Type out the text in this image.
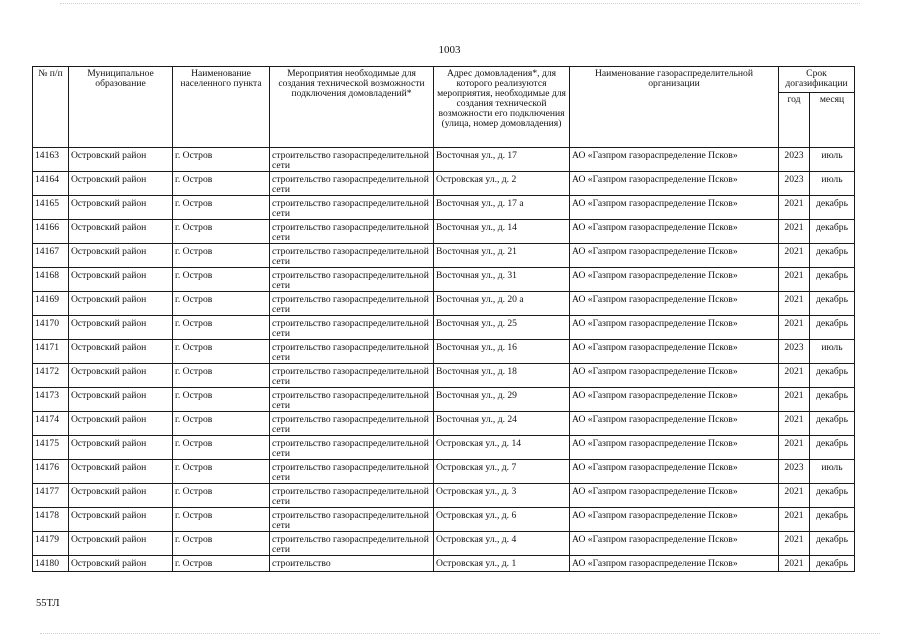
1003
№ п/п	Муниципальное образование	Наименование населенного пункта	Мероприятия необходимые для создания технической возможности подключения домовладений*	Адрес домовладения*, для которого реализуются мероприятия, необходимые для создания технической возможности его подключения (улица, номер домовладения)	Наименование газораспределительной организации	Срок догазификации	
						год	месяц
14163	Островский район	г. Остров	строительство газораспределительной сети	Восточная ул., д. 17	АО «Газпром газораспределение Псков»	2023	июль
14164	Островский район	г. Остров	строительство газораспределительной сети	Островская ул., д. 2	АО «Газпром газораспределение Псков»	2023	июль
14165	Островский район	г. Остров	строительство газораспределительной сети	Восточная ул., д. 17 а	АО «Газпром газораспределение Псков»	2021	декабрь
14166	Островский район	г. Остров	строительство газораспределительной сети	Восточная ул., д. 14	АО «Газпром газораспределение Псков»	2021	декабрь
14167	Островский район	г. Остров	строительство газораспределительной сети	Восточная ул., д. 21	АО «Газпром газораспределение Псков»	2021	декабрь
14168	Островский район	г. Остров	строительство газораспределительной сети	Восточная ул., д. 31	АО «Газпром газораспределение Псков»	2021	декабрь
14169	Островский район	г. Остров	строительство газораспределительной сети	Восточная ул., д. 20 а	АО «Газпром газораспределение Псков»	2021	декабрь
14170	Островский район	г. Остров	строительство газораспределительной сети	Восточная ул., д. 25	АО «Газпром газораспределение Псков»	2021	декабрь
14171	Островский район	г. Остров	строительство газораспределительной сети	Восточная ул., д. 16	АО «Газпром газораспределение Псков»	2023	июль
14172	Островский район	г. Остров	строительство газораспределительной сети	Восточная ул., д. 18	АО «Газпром газораспределение Псков»	2021	декабрь
14173	Островский район	г. Остров	строительство газораспределительной сети	Восточная ул., д. 29	АО «Газпром газораспределение Псков»	2021	декабрь
14174	Островский район	г. Остров	строительство газораспределительной сети	Восточная ул., д. 24	АО «Газпром газораспределение Псков»	2021	декабрь
14175	Островский район	г. Остров	строительство газораспределительной сети	Островская ул., д. 14	АО «Газпром газораспределение Псков»	2021	декабрь
14176	Островский район	г. Остров	строительство газораспределительной сети	Островская ул., д. 7	АО «Газпром газораспределение Псков»	2023	июль
14177	Островский район	г. Остров	строительство газораспределительной сети	Островская ул., д. 3	АО «Газпром газораспределение Псков»	2021	декабрь
14178	Островский район	г. Остров	строительство газораспределительной сети	Островская ул., д. 6	АО «Газпром газораспределение Псков»	2021	декабрь
14179	Островский район	г. Остров	строительство газораспределительной сети	Островская ул., д. 4	АО «Газпром газораспределение Псков»	2021	декабрь
14180	Островский район	г. Остров	строительство	Островская ул., д. 1	АО «Газпром газораспределение Псков»	2021	декабрь
55ТЛ
